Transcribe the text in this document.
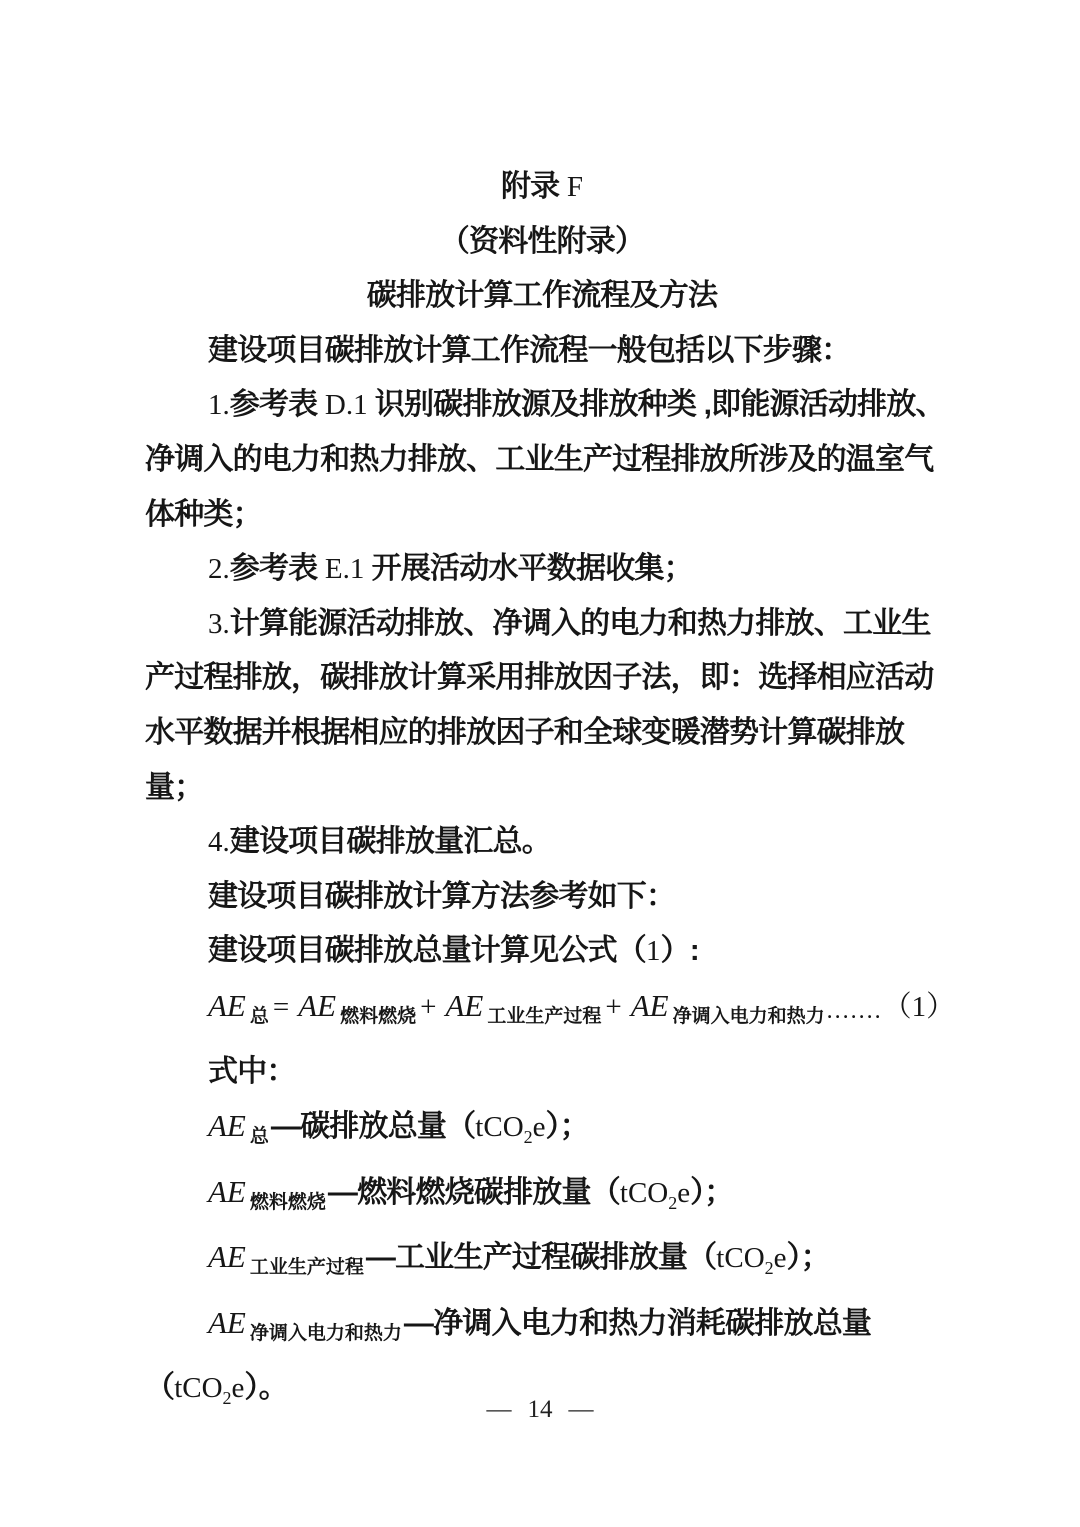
附录 F
（资料性附录）
碳排放计算工作流程及方法
建设项目碳排放计算工作流程一般包括以下步骤：
1.参考表 D.1 识别碳排放源及排放种类 ,即能源活动排放、
净调入的电力和热力排放、工业生产过程排放所涉及的温室气
体种类；
2.参考表 E.1 开展活动水平数据收集；
3.计算能源活动排放、净调入的电力和热力排放、工业生
产过程排放，碳排放计算采用排放因子法，即：选择相应活动
水平数据并根据相应的排放因子和全球变暖潜势计算碳排放
量；
4.建设项目碳排放量汇总。
建设项目碳排放计算方法参考如下：
建设项目碳排放总量计算见公式（1）:
AE $_总$ = AE $_{燃料燃烧}$ + AE $_{工业生产过程}$ + AE $_{净调入电力和热力}$.......（1）
式中：
AE $_总$—碳排放总量（tCO$_2$e）；
AE $_{燃料燃烧}$—燃料燃烧碳排放量（tCO$_2$e）；
AE $_{工业生产过程}$—工业生产过程碳排放量（tCO$_2$e）；
AE $_{净调入电力和热力}$—净调入电力和热力消耗碳排放总量
（tCO$_2$e）。
— 14 —
